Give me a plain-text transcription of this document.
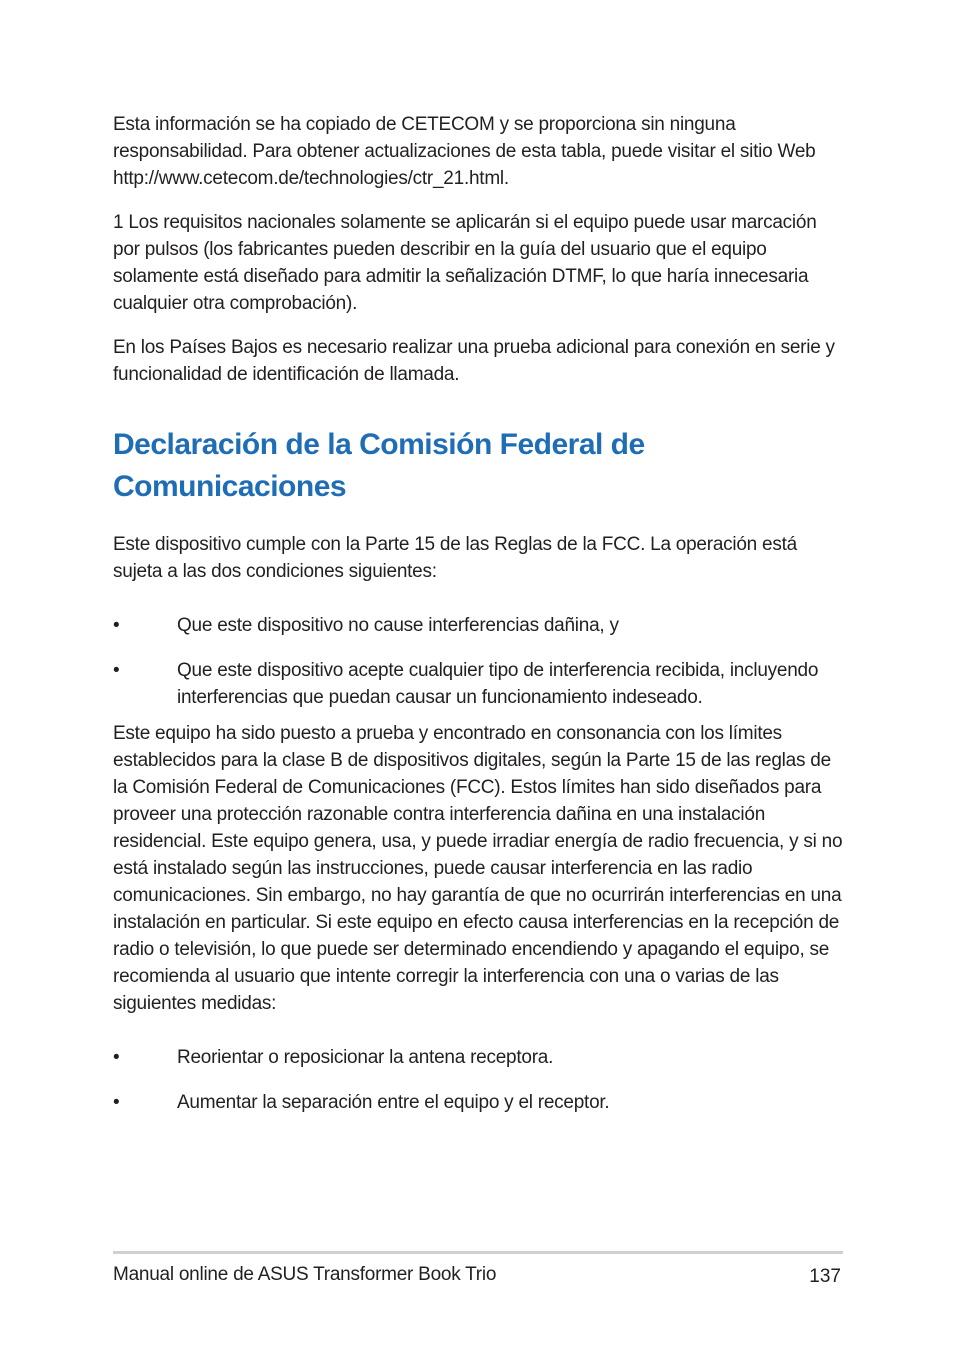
Esta información se ha copiado de CETECOM y se proporciona sin ninguna responsabilidad. Para obtener actualizaciones de esta tabla, puede visitar el sitio Web http://www.cetecom.de/technologies/ctr_21.html.

1 Los requisitos nacionales solamente se aplicarán si el equipo puede usar marcación por pulsos (los fabricantes pueden describir en la guía del usuario que el equipo solamente está diseñado para admitir la señalización DTMF, lo que haría innecesaria cualquier otra comprobación).

En los Países Bajos es necesario realizar una prueba adicional para conexión en serie y funcionalidad de identificación de llamada.

Declaración de la Comisión Federal de Comunicaciones

Este dispositivo cumple con la Parte 15 de las Reglas de la FCC. La operación está sujeta a las dos condiciones siguientes:

•	Que este dispositivo no cause interferencias dañina, y
•	Que este dispositivo acepte cualquier tipo de interferencia recibida, incluyendo interferencias que puedan causar un funcionamiento indeseado.

Este equipo ha sido puesto a prueba y encontrado en consonancia con los límites establecidos para la clase B de dispositivos digitales, según la Parte 15 de las reglas de la Comisión Federal de Comunicaciones (FCC). Estos límites han sido diseñados para proveer una protección razonable contra interferencia dañina en una instalación residencial. Este equipo genera, usa, y puede irradiar energía de radio frecuencia, y si no está instalado según las instrucciones, puede causar interferencia en las radio comunicaciones. Sin embargo, no hay garantía de que no ocurrirán interferencias en una instalación en particular. Si este equipo en efecto causa interferencias en la recepción de radio o televisión, lo que puede ser determinado encendiendo y apagando el equipo, se recomienda al usuario que intente corregir la interferencia con una o varias de las siguientes medidas:

•	Reorientar o reposicionar la antena receptora.
•	Aumentar la separación entre el equipo y el receptor.
Manual online de ASUS Transformer Book Trio	137
